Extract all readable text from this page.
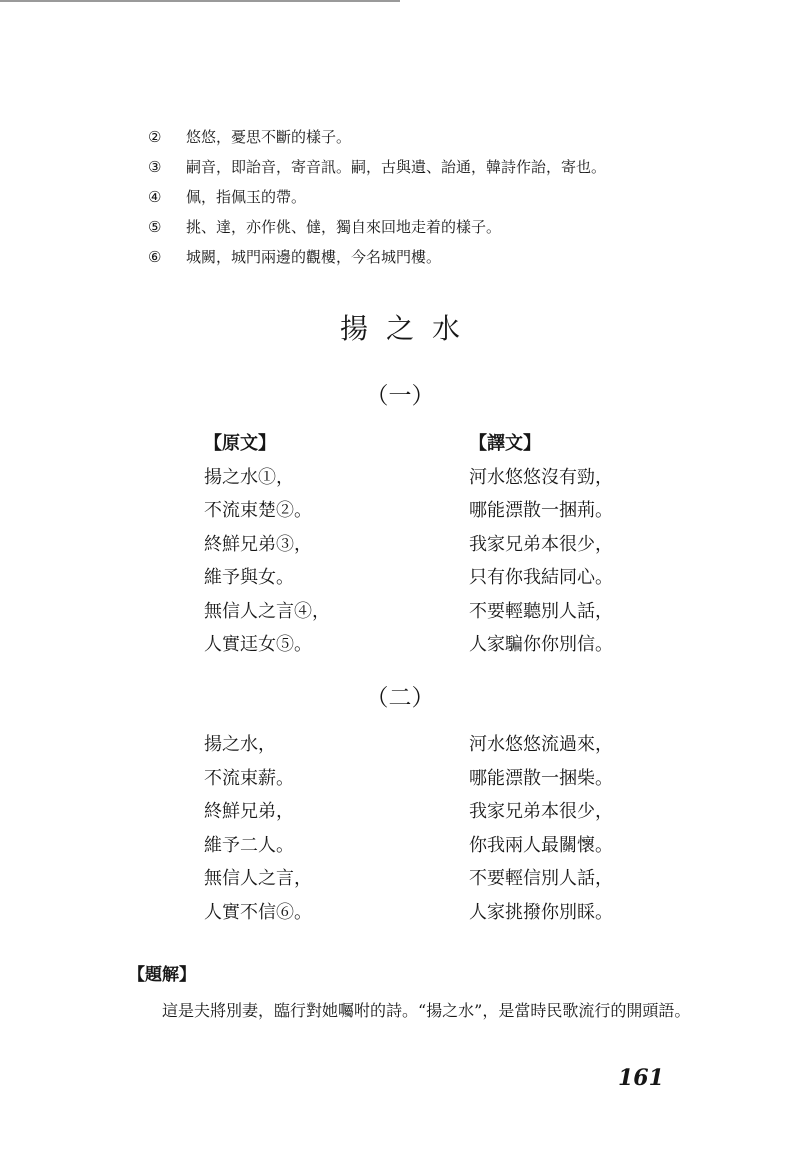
② 悠悠，憂思不斷的樣子。
③ 嗣音，即詒音，寄音訊。嗣，古與遺、詒通，韓詩作詒，寄也。
④ 佩，指佩玉的帶。
⑤ 挑、達，亦作佻、㒓，獨自來回地走着的樣子。
⑥ 城闕，城門兩邊的觀樓，今名城門樓。
揚之水
（一）
【原文】
揚之水①，
不流束楚②。
終鮮兄弟③，
維予與女。
無信人之言④，
人實迋女⑤。
【譯文】
河水悠悠沒有勁，
哪能漂散一捆荊。
我家兄弟本很少，
只有你我結同心。
不要輕聽別人話，
人家騙你你別信。
（二）
揚之水，
不流束薪。
終鮮兄弟，
維予二人。
無信人之言，
人實不信⑥。
河水悠悠流過來，
哪能漂散一捆柴。
我家兄弟本很少，
你我兩人最關懷。
不要輕信別人話，
人家挑撥你別睬。
【題解】
這是夫將別妻，臨行對她囑咐的詩。“揚之水”，是當時民歌流行的開頭語。
161
